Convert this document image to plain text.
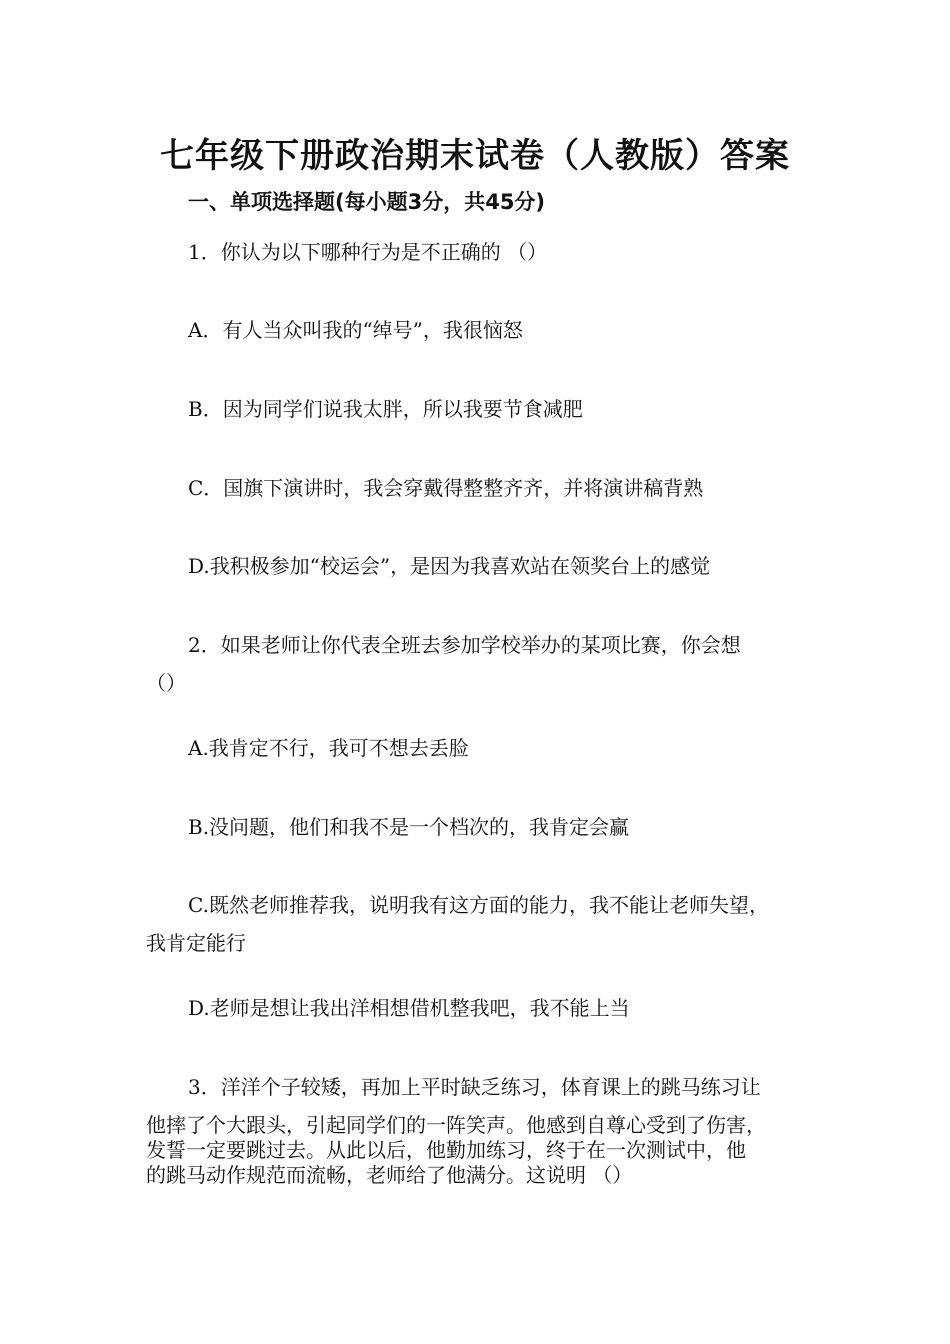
七年级下册政治期末试卷（人教版）答案
一、单项选择题(每小题3分，共45分)
1．你认为以下哪种行为是不正确的 （）
A．有人当众叫我的“绰号”，我很恼怒
B．因为同学们说我太胖，所以我要节食减肥
C．国旗下演讲时，我会穿戴得整整齐齐，并将演讲稿背熟
D.我积极参加“校运会”，是因为我喜欢站在领奖台上的感觉
2．如果老师让你代表全班去参加学校举办的某项比赛，你会想
（）
A.我肯定不行，我可不想去丢脸
B.没问题，他们和我不是一个档次的，我肯定会赢
C.既然老师推荐我，说明我有这方面的能力，我不能让老师失望，
我肯定能行
D.老师是想让我出洋相想借机整我吧，我不能上当
3．洋洋个子较矮，再加上平时缺乏练习，体育课上的跳马练习让
他摔了个大跟头，引起同学们的一阵笑声。他感到自尊心受到了伤害，
发誓一定要跳过去。从此以后，他勤加练习，终于在一次测试中，他
的跳马动作规范而流畅，老师给了他满分。这说明 （）
